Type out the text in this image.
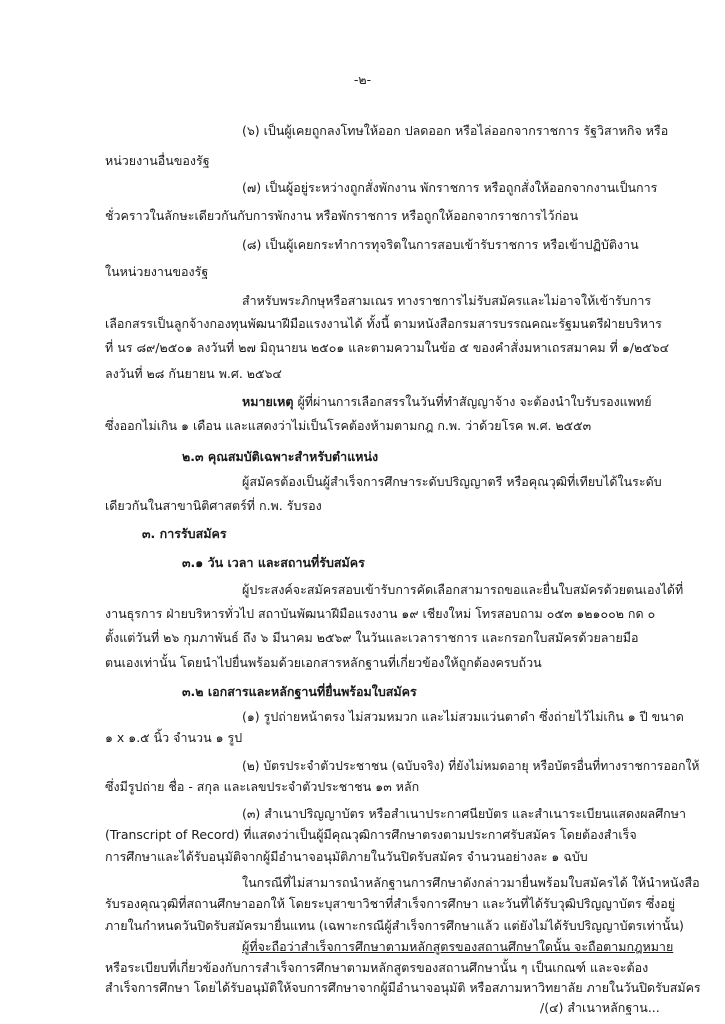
-๒-

(๖) เป็นผู้เคยถูกลงโทษให้ออก ปลดออก หรือไล่ออกจากราชการ รัฐวิสาหกิจ หรือ

หน่วยงานอื่นของรัฐ

(๗) เป็นผู้อยู่ระหว่างถูกสั่งพักงาน พักราชการ หรือถูกสั่งให้ออกจากงานเป็นการ

ชั่วคราวในลักษะเดียวกันกับการพักงาน หรือพักราชการ หรือถูกให้ออกจากราชการไว้ก่อน

(๘) เป็นผู้เคยกระทำการทุจริตในการสอบเข้ารับราชการ หรือเข้าปฏิบัติงาน

ในหน่วยงานของรัฐ

สำหรับพระภิกษุหรือสามเณร ทางราชการไม่รับสมัครและไม่อาจให้เข้ารับการ

เลือกสรรเป็นลูกจ้างกองทุนพัฒนาฝีมือแรงงานได้ ทั้งนี้ ตามหนังสือกรมสารบรรณคณะรัฐมนตรีฝ่ายบริหาร

ที่ นร ๘๙/๒๕๐๑ ลงวันที่ ๒๗ มิถุนายน ๒๕๐๑ และตามความในข้อ ๕ ของคำสั่งมหาเถรสมาคม ที่ ๑/๒๕๖๔

ลงวันที่ ๒๘ กันยายน พ.ศ. ๒๕๖๔

หมายเหตุ ผู้ที่ผ่านการเลือกสรรในวันที่ทำสัญญาจ้าง จะต้องนำใบรับรองแพทย์

ซึ่งออกไม่เกิน ๑ เดือน และแสดงว่าไม่เป็นโรคต้องห้ามตามกฎ ก.พ. ว่าด้วยโรค พ.ศ. ๒๕๕๓

๒.๓ คุณสมบัติเฉพาะสำหรับตำแหน่ง

ผู้สมัครต้องเป็นผู้สำเร็จการศึกษาระดับปริญญาตรี หรือคุณวุฒิที่เทียบได้ในระดับ

เดียวกันในสาขานิติศาสตร์ที่ ก.พ. รับรอง

๓. การรับสมัคร

๓.๑ วัน เวลา และสถานที่รับสมัคร

ผู้ประสงค์จะสมัครสอบเข้ารับการคัดเลือกสามารถขอและยื่นใบสมัครด้วยตนเองได้ที่

งานธุรการ ฝ่ายบริหารทั่วไป สถาบันพัฒนาฝีมือแรงงาน ๑๙ เชียงใหม่ โทรสอบถาม ๐๕๓ ๑๒๑๐๐๒ กด ๐

ตั้งแต่วันที่ ๒๖ กุมภาพันธ์ ถึง ๖ มีนาคม ๒๕๖๙ ในวันและเวลาราชการ และกรอกใบสมัครด้วยลายมือ

ตนเองเท่านั้น โดยนำไปยื่นพร้อมด้วยเอกสารหลักฐานที่เกี่ยวข้องให้ถูกต้องครบถ้วน

๓.๒ เอกสารและหลักฐานที่ยื่นพร้อมใบสมัคร

(๑) รูปถ่ายหน้าตรง ไม่สวมหมวก และไม่สวมแว่นตาดำ ซึ่งถ่ายไว้ไม่เกิน ๑ ปี ขนาด

๑ x ๑.๕ นิ้ว จำนวน ๑ รูป

(๒) บัตรประจำตัวประชาชน (ฉบับจริง) ที่ยังไม่หมดอายุ หรือบัตรอื่นที่ทางราชการออกให้

ซึ่งมีรูปถ่าย ชื่อ - สกุล และเลขประจำตัวประชาชน ๑๓ หลัก

(๓) สำเนาปริญญาบัตร หรือสำเนาประกาศนียบัตร และสำเนาระเบียนแสดงผลศึกษา

(Transcript of Record) ที่แสดงว่าเป็นผู้มีคุณวุฒิการศึกษาตรงตามประกาศรับสมัคร โดยต้องสำเร็จ

การศึกษาและได้รับอนุมัติจากผู้มีอำนาจอนุมัติภายในวันปิดรับสมัคร จำนวนอย่างละ ๑ ฉบับ

ในกรณีที่ไม่สามารถนำหลักฐานการศึกษาดังกล่าวมายื่นพร้อมใบสมัครได้ ให้นำหนังสือ

รับรองคุณวุฒิที่สถานศึกษาออกให้ โดยระบุสาขาวิชาที่สำเร็จการศึกษา และวันที่ได้รับวุฒิปริญญาบัตร ซึ่งอยู่

ภายในกำหนดวันปิดรับสมัครมายื่นแทน (เฉพาะกรณีผู้สำเร็จการศึกษาแล้ว แต่ยังไม่ได้รับปริญญาบัตรเท่านั้น)

ผู้ที่จะถือว่าสำเร็จการศึกษาตามหลักสูตรของสถานศึกษาใดนั้น จะถือตามกฎหมาย

หรือระเบียบที่เกี่ยวข้องกับการสำเร็จการศึกษาตามหลักสูตรของสถานศึกษานั้น ๆ เป็นเกณฑ์ และจะต้อง

สำเร็จการศึกษา โดยได้รับอนุมัติให้จบการศึกษาจากผู้มีอำนาจอนุมัติ หรือสภามหาวิทยาลัย ภายในวันปิดรับสมัคร

/(๔) สำเนาหลักฐาน...
